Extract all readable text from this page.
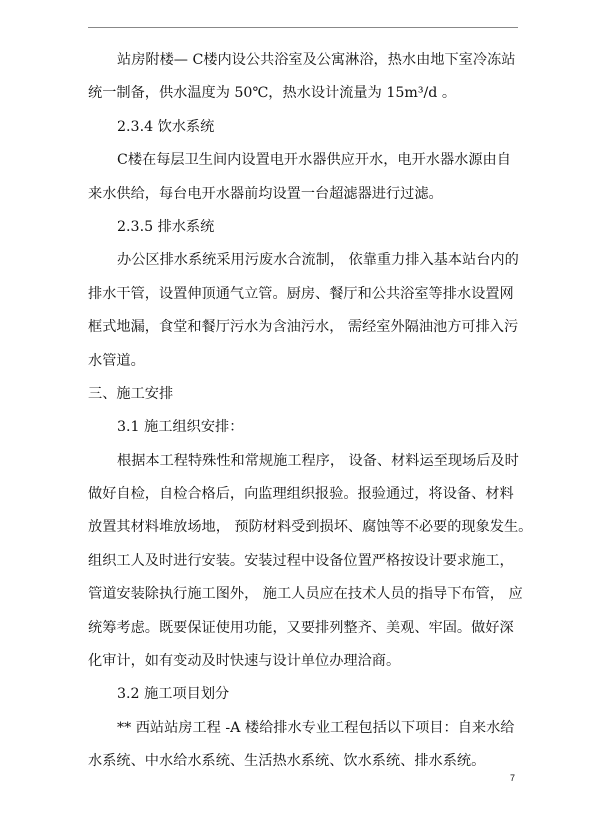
站房附楼— C楼内设公共浴室及公寓淋浴，热水由地下室冷冻站
统一制备，供水温度为 50℃，热水设计流量为 15m³/d 。
2.3.4 饮水系统
C楼在每层卫生间内设置电开水器供应开水，电开水器水源由自
来水供给，每台电开水器前均设置一台超滤器进行过滤。
2.3.5 排水系统
办公区排水系统采用污废水合流制， 依靠重力排入基本站台内的
排水干管，设置伸顶通气立管。厨房、餐厅和公共浴室等排水设置网
框式地漏，食堂和餐厅污水为含油污水， 需经室外隔油池方可排入污
水管道。
三、施工安排
3.1 施工组织安排：
根据本工程特殊性和常规施工程序， 设备、材料运至现场后及时
做好自检，自检合格后，向监理组织报验。报验通过，将设备、材料
放置其材料堆放场地， 预防材料受到损坏、腐蚀等不必要的现象发生。
组织工人及时进行安装。安装过程中设备位置严格按设计要求施工，
管道安装除执行施工图外， 施工人员应在技术人员的指导下布管， 应
统筹考虑。既要保证使用功能，又要排列整齐、美观、牢固。做好深
化审计，如有变动及时快速与设计单位办理洽商。
3.2 施工项目划分
** 西站站房工程 -A 楼给排水专业工程包括以下项目：自来水给
水系统、中水给水系统、生活热水系统、饮水系统、排水系统。
7
